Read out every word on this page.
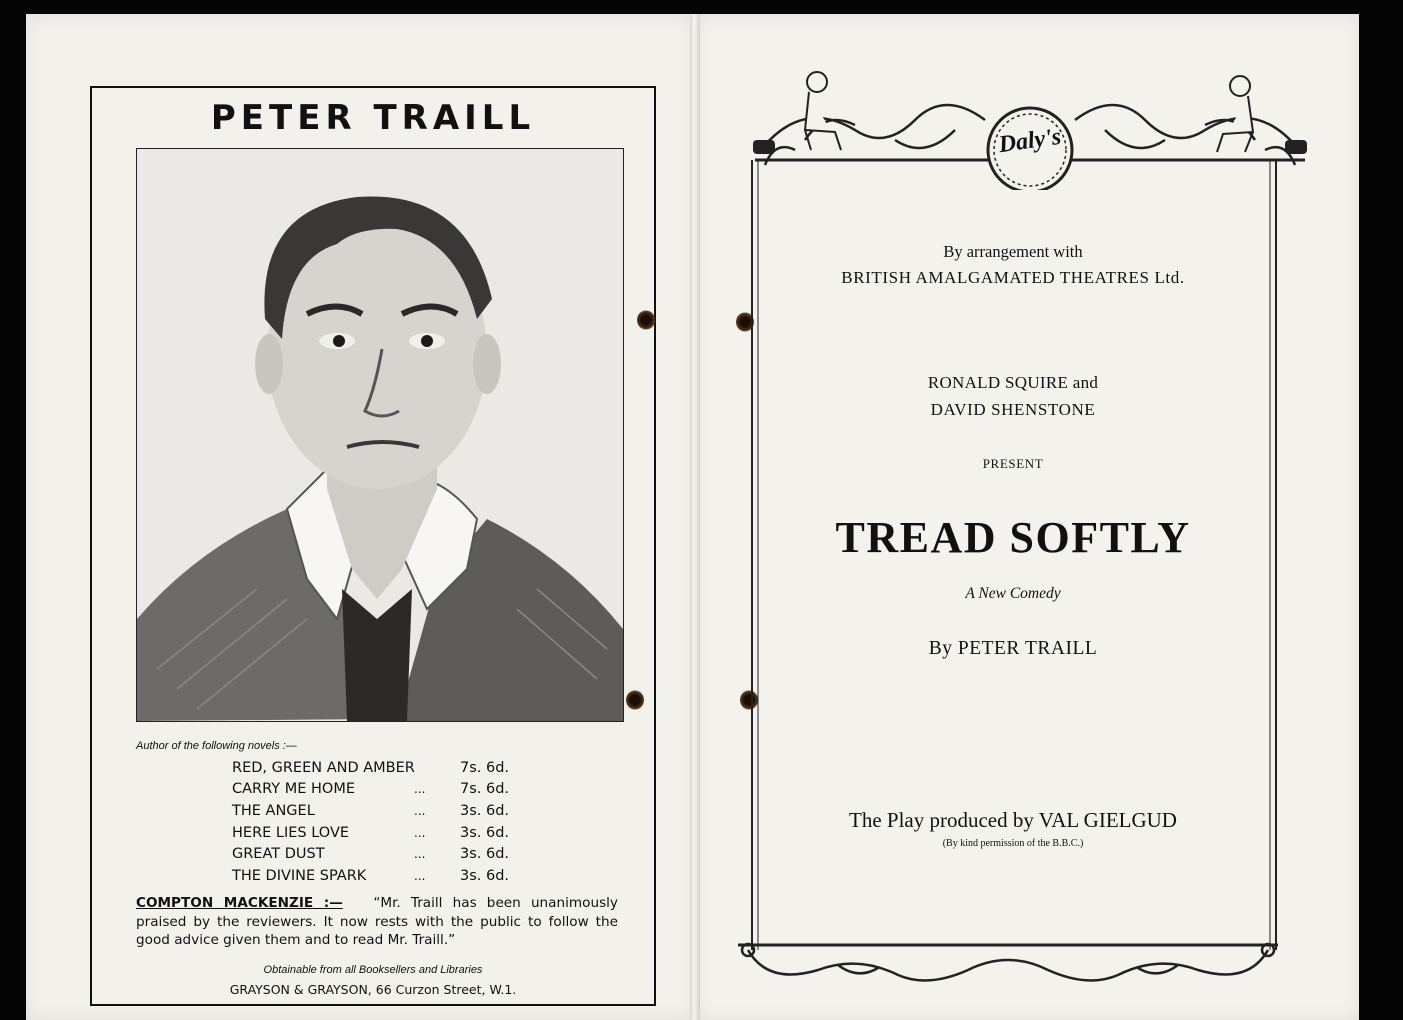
PETER TRAILL
Author of the following novels :—
RED, GREEN AND AMBER	7s. 6d.
CARRY ME HOME	...	7s. 6d.
THE ANGEL	...	3s. 6d.
HERE LIES LOVE	...	3s. 6d.
GREAT DUST	...	3s. 6d.
THE DIVINE SPARK	...	3s. 6d.
COMPTON MACKENZIE :— “Mr. Traill has been unanimously praised by the reviewers. It now rests with the public to follow the good advice given them and to read Mr. Traill.”
Obtainable from all Booksellers and Libraries
GRAYSON & GRAYSON, 66 Curzon Street, W.1.
Daly's
By arrangement with
BRITISH AMALGAMATED THEATRES Ltd.
RONALD SQUIRE and
DAVID SHENSTONE
PRESENT
TREAD SOFTLY
A New Comedy
By PETER TRAILL
The Play produced by VAL GIELGUD
(By kind permission of the B.B.C.)
